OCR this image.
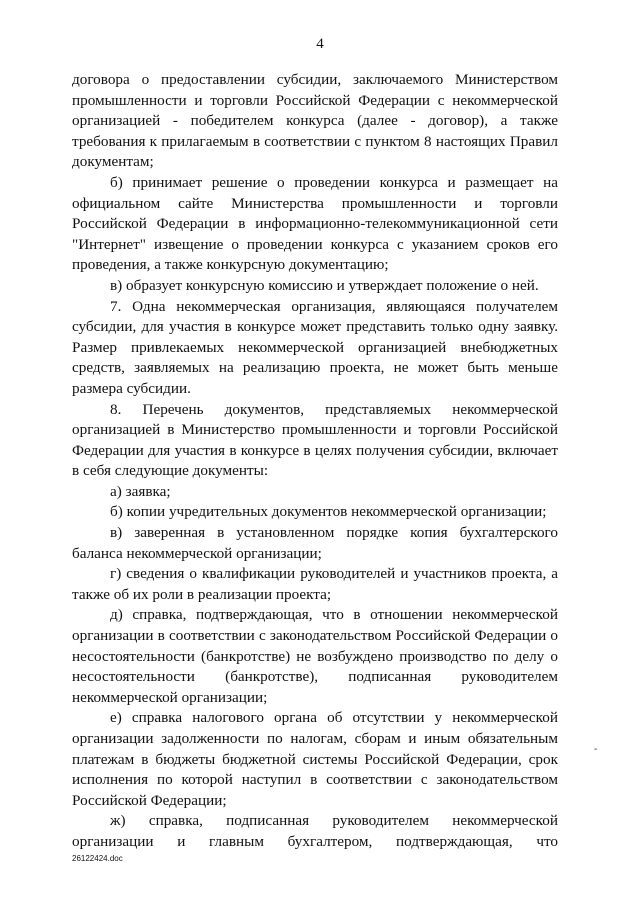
4

договора о предоставлении субсидии, заключаемого Министерством промышленности и торговли Российской Федерации с некоммерческой организацией - победителем конкурса (далее - договор), а также требования к прилагаемым в соответствии с пунктом 8 настоящих Правил документам;

б) принимает решение о проведении конкурса и размещает на официальном сайте Министерства промышленности и торговли Российской Федерации в информационно-телекоммуникационной сети "Интернет" извещение о проведении конкурса с указанием сроков его проведения, а также конкурсную документацию;

в) образует конкурсную комиссию и утверждает положение о ней.

7. Одна некоммерческая организация, являющаяся получателем субсидии, для участия в конкурсе может представить только одну заявку. Размер привлекаемых некоммерческой организацией внебюджетных средств, заявляемых на реализацию проекта, не может быть меньше размера субсидии.

8. Перечень документов, представляемых некоммерческой организацией в Министерство промышленности и торговли Российской Федерации для участия в конкурсе в целях получения субсидии, включает в себя следующие документы:

а) заявка;

б) копии учредительных документов некоммерческой организации;

в) заверенная в установленном порядке копия бухгалтерского баланса некоммерческой организации;

г) сведения о квалификации руководителей и участников проекта, а также об их роли в реализации проекта;

д) справка, подтверждающая, что в отношении некоммерческой организации в соответствии с законодательством Российской Федерации о несостоятельности (банкротстве) не возбуждено производство по делу о несостоятельности (банкротстве), подписанная руководителем некоммерческой организации;

е) справка налогового органа об отсутствии у некоммерческой организации задолженности по налогам, сборам и иным обязательным платежам в бюджеты бюджетной системы Российской Федерации, срок исполнения по которой наступил в соответствии с законодательством Российской Федерации;

ж) справка, подписанная руководителем некоммерческой организации и главным бухгалтером, подтверждающая, что

-
26122424.doc
